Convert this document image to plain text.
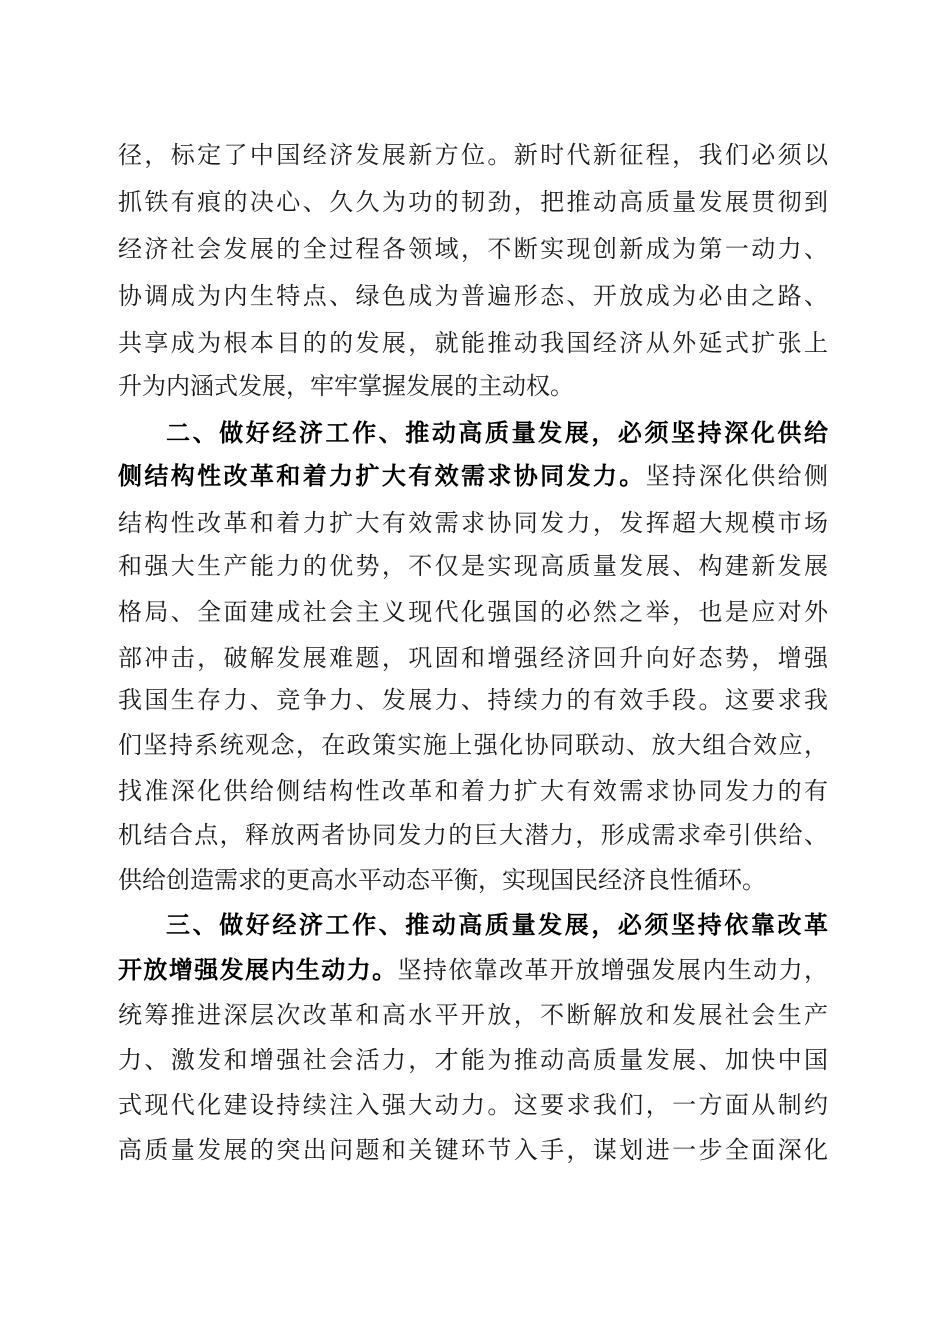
径，标定了中国经济发展新方位。新时代新征程，我们必须以
抓铁有痕的决心、久久为功的韧劲，把推动高质量发展贯彻到
经济社会发展的全过程各领域，不断实现创新成为第一动力、
协调成为内生特点、绿色成为普遍形态、开放成为必由之路、
共享成为根本目的的发展，就能推动我国经济从外延式扩张上
升为内涵式发展，牢牢掌握发展的主动权。
二、做好经济工作、推动高质量发展，必须坚持深化供给
侧结构性改革和着力扩大有效需求协同发力。坚持深化供给侧
结构性改革和着力扩大有效需求协同发力，发挥超大规模市场
和强大生产能力的优势，不仅是实现高质量发展、构建新发展
格局、全面建成社会主义现代化强国的必然之举，也是应对外
部冲击，破解发展难题，巩固和增强经济回升向好态势，增强
我国生存力、竞争力、发展力、持续力的有效手段。这要求我
们坚持系统观念，在政策实施上强化协同联动、放大组合效应，
找准深化供给侧结构性改革和着力扩大有效需求协同发力的有
机结合点，释放两者协同发力的巨大潜力，形成需求牵引供给、
供给创造需求的更高水平动态平衡，实现国民经济良性循环。
三、做好经济工作、推动高质量发展，必须坚持依靠改革
开放增强发展内生动力。坚持依靠改革开放增强发展内生动力，
统筹推进深层次改革和高水平开放，不断解放和发展社会生产
力、激发和增强社会活力，才能为推动高质量发展、加快中国
式现代化建设持续注入强大动力。这要求我们，一方面从制约
高质量发展的突出问题和关键环节入手，谋划进一步全面深化
